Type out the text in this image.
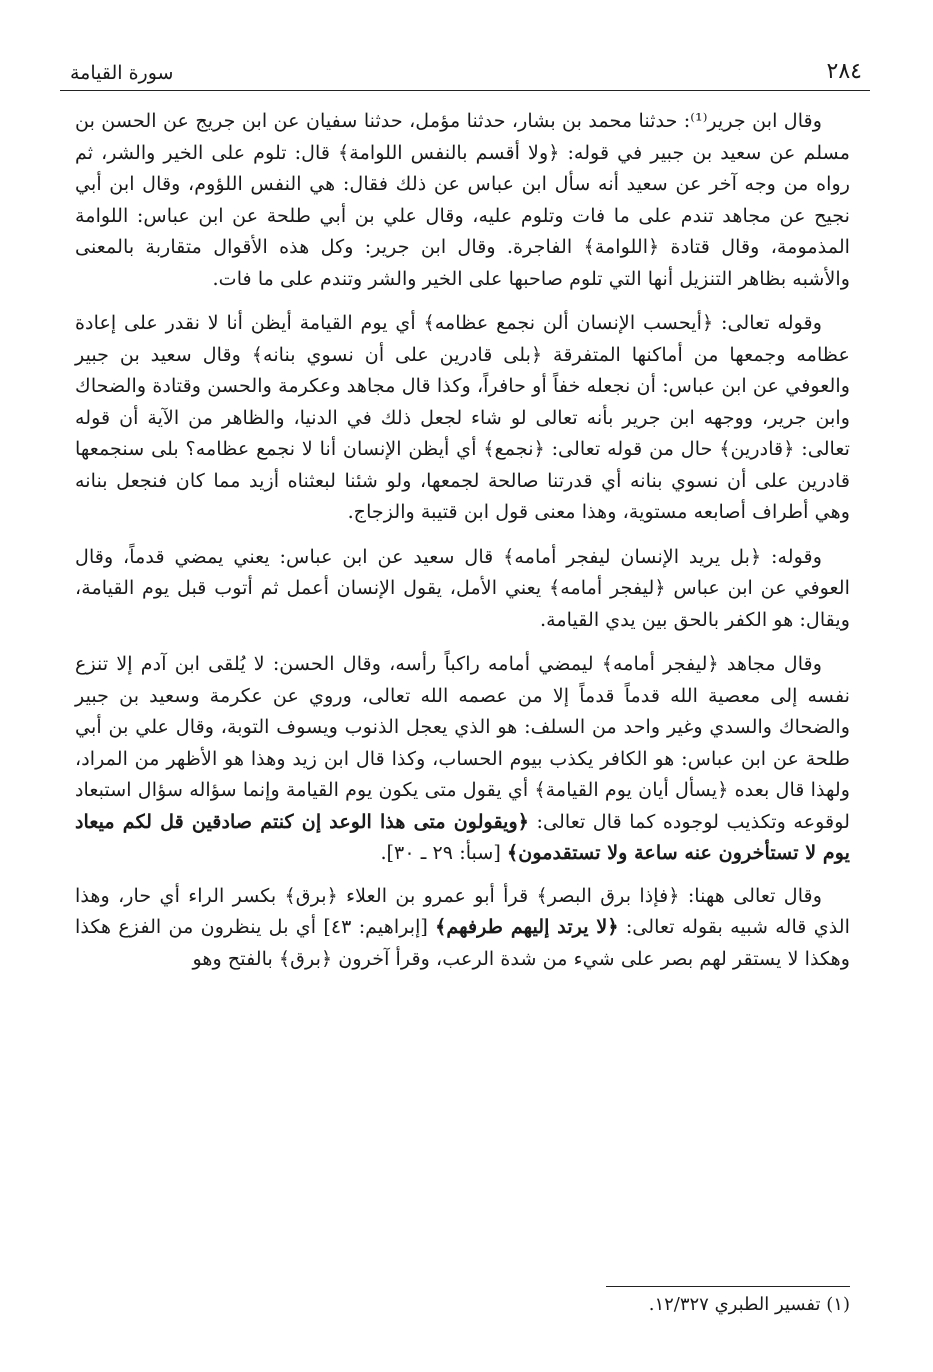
سورة القيامة	٢٨٤

وقال ابن جرير⁽¹⁾: حدثنا محمد بن بشار، حدثنا مؤمل، حدثنا سفيان عن ابن جريج عن الحسن بن مسلم عن سعيد بن جبير في قوله: ﴿ولا أقسم بالنفس اللوامة﴾ قال: تلوم على الخير والشر، ثم رواه من وجه آخر عن سعيد أنه سأل ابن عباس عن ذلك فقال: هي النفس اللؤوم، وقال ابن أبي نجيح عن مجاهد تندم على ما فات وتلوم عليه، وقال علي بن أبي طلحة عن ابن عباس: اللوامة المذمومة، وقال قتادة ﴿اللوامة﴾ الفاجرة. وقال ابن جرير: وكل هذه الأقوال متقاربة بالمعنى والأشبه بظاهر التنزيل أنها التي تلوم صاحبها على الخير والشر وتندم على ما فات.

وقوله تعالى: ﴿أيحسب الإنسان ألن نجمع عظامه﴾ أي يوم القيامة أيظن أنا لا نقدر على إعادة عظامه وجمعها من أماكنها المتفرقة ﴿بلى قادرين على أن نسوي بنانه﴾ وقال سعيد بن جبير والعوفي عن ابن عباس: أن نجعله خفاً أو حافراً، وكذا قال مجاهد وعكرمة والحسن وقتادة والضحاك وابن جرير، ووجهه ابن جرير بأنه تعالى لو شاء لجعل ذلك في الدنيا، والظاهر من الآية أن قوله تعالى: ﴿قادرين﴾ حال من قوله تعالى: ﴿نجمع﴾ أي أيظن الإنسان أنا لا نجمع عظامه؟ بلى سنجمعها قادرين على أن نسوي بنانه أي قدرتنا صالحة لجمعها، ولو شئنا لبعثناه أزيد مما كان فنجعل بنانه وهي أطراف أصابعه مستوية، وهذا معنى قول ابن قتيبة والزجاج.

وقوله: ﴿بل يريد الإنسان ليفجر أمامه﴾ قال سعيد عن ابن عباس: يعني يمضي قدماً، وقال العوفي عن ابن عباس ﴿ليفجر أمامه﴾ يعني الأمل، يقول الإنسان أعمل ثم أتوب قبل يوم القيامة، ويقال: هو الكفر بالحق بين يدي القيامة.

وقال مجاهد ﴿ليفجر أمامه﴾ ليمضي أمامه راكباً رأسه، وقال الحسن: لا يُلقى ابن آدم إلا تنزع نفسه إلى معصية الله قدماً قدماً إلا من عصمه الله تعالى، وروي عن عكرمة وسعيد بن جبير والضحاك والسدي وغير واحد من السلف: هو الذي يعجل الذنوب ويسوف التوبة، وقال علي بن أبي طلحة عن ابن عباس: هو الكافر يكذب بيوم الحساب، وكذا قال ابن زيد وهذا هو الأظهر من المراد، ولهذا قال بعده ﴿يسأل أيان يوم القيامة﴾ أي يقول متى يكون يوم القيامة وإنما سؤاله سؤال استبعاد لوقوعه وتكذيب لوجوده كما قال تعالى: ﴿ويقولون متى هذا الوعد إن كنتم صادقين قل لكم ميعاد يوم لا تستأخرون عنه ساعة ولا تستقدمون﴾ [سبأ: ٢٩ ـ ٣٠].

وقال تعالى ههنا: ﴿فإذا برق البصر﴾ قرأ أبو عمرو بن العلاء ﴿برق﴾ بكسر الراء أي حار، وهذا الذي قاله شبيه بقوله تعالى: ﴿لا يرتد إليهم طرفهم﴾ [إبراهيم: ٤٣] أي بل ينظرون من الفزع هكذا وهكذا لا يستقر لهم بصر على شيء من شدة الرعب، وقرأ آخرون ﴿برق﴾ بالفتح وهو

(١) تفسير الطبري ١٢/٣٢٧.
